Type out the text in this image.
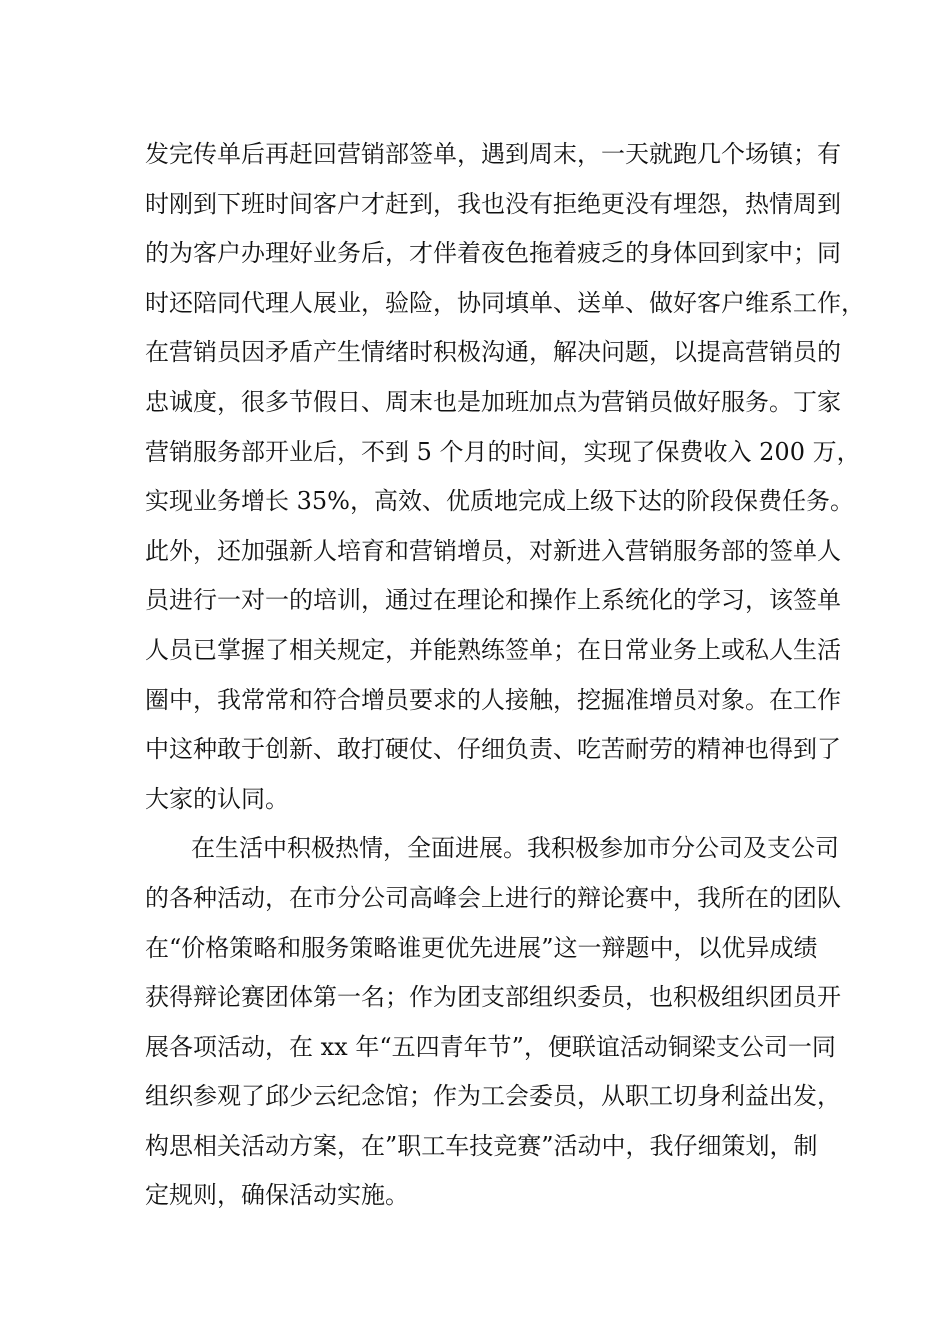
发完传单后再赶回营销部签单，遇到周末，一天就跑几个场镇；有
时刚到下班时间客户才赶到，我也没有拒绝更没有埋怨，热情周到
的为客户办理好业务后，才伴着夜色拖着疲乏的身体回到家中；同
时还陪同代理人展业，验险，协同填单、送单、做好客户维系工作，
在营销员因矛盾产生情绪时积极沟通，解决问题，以提高营销员的
忠诚度，很多节假日、周末也是加班加点为营销员做好服务。丁家
营销服务部开业后，不到 5 个月的时间，实现了保费收入 200 万，
实现业务增长 35%，高效、优质地完成上级下达的阶段保费任务。
此外，还加强新人培育和营销增员，对新进入营销服务部的签单人
员进行一对一的培训，通过在理论和操作上系统化的学习，该签单
人员已掌握了相关规定，并能熟练签单；在日常业务上或私人生活
圈中，我常常和符合增员要求的人接触，挖掘准增员对象。在工作
中这种敢于创新、敢打硬仗、仔细负责、吃苦耐劳的精神也得到了
大家的认同。
在生活中积极热情，全面进展。我积极参加市分公司及支公司
的各种活动，在市分公司高峰会上进行的辩论赛中，我所在的团队
在“价格策略和服务策略谁更优先进展”这一辩题中，以优异成绩
获得辩论赛团体第一名；作为团支部组织委员，也积极组织团员开
展各项活动，在 xx 年“五四青年节”，便联谊活动铜梁支公司一同
组织参观了邱少云纪念馆；作为工会委员，从职工切身利益出发，
构思相关活动方案，在”职工车技竞赛”活动中，我仔细策划，制
定规则，确保活动实施。
